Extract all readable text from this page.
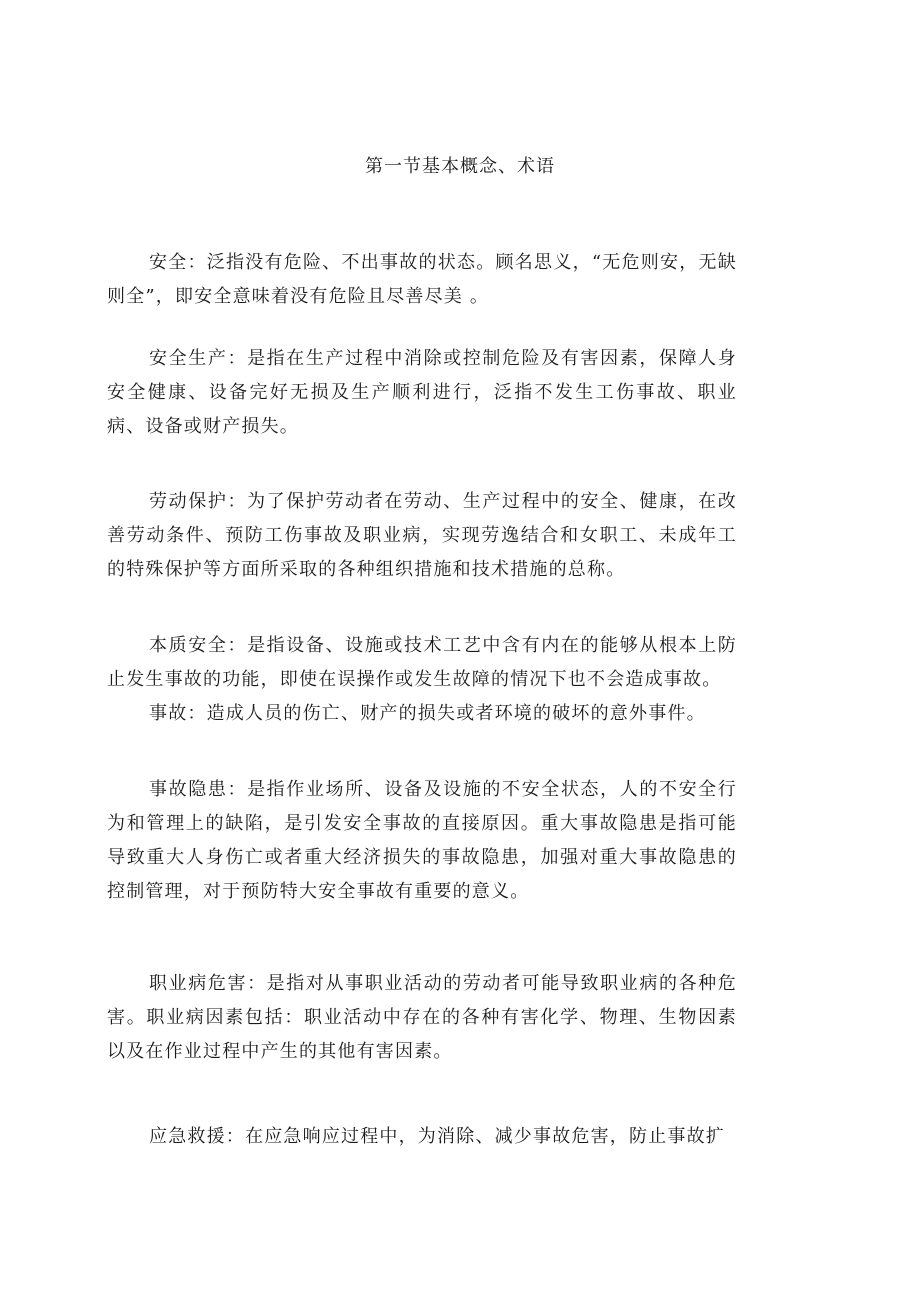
第一节基本概念、术语

安全：泛指没有危险、不出事故的状态。顾名思义，“无危则安，无缺则全”，即安全意味着没有危险且尽善尽美 。

安全生产：是指在生产过程中消除或控制危险及有害因素，保障人身安全健康、设备完好无损及生产顺利进行，泛指不发生工伤事故、职业病、设备或财产损失。

劳动保护：为了保护劳动者在劳动、生产过程中的安全、健康，在改善劳动条件、预防工伤事故及职业病，实现劳逸结合和女职工、未成年工的特殊保护等方面所采取的各种组织措施和技术措施的总称。

本质安全：是指设备、设施或技术工艺中含有内在的能够从根本上防止发生事故的功能，即使在误操作或发生故障的情况下也不会造成事故。

事故：造成人员的伤亡、财产的损失或者环境的破坏的意外事件。

事故隐患：是指作业场所、设备及设施的不安全状态，人的不安全行为和管理上的缺陷，是引发安全事故的直接原因。重大事故隐患是指可能导致重大人身伤亡或者重大经济损失的事故隐患，加强对重大事故隐患的控制管理，对于预防特大安全事故有重要的意义。

职业病危害：是指对从事职业活动的劳动者可能导致职业病的各种危害。职业病因素包括：职业活动中存在的各种有害化学、物理、生物因素以及在作业过程中产生的其他有害因素。

应急救援：在应急响应过程中，为消除、减少事故危害，防止事故扩
